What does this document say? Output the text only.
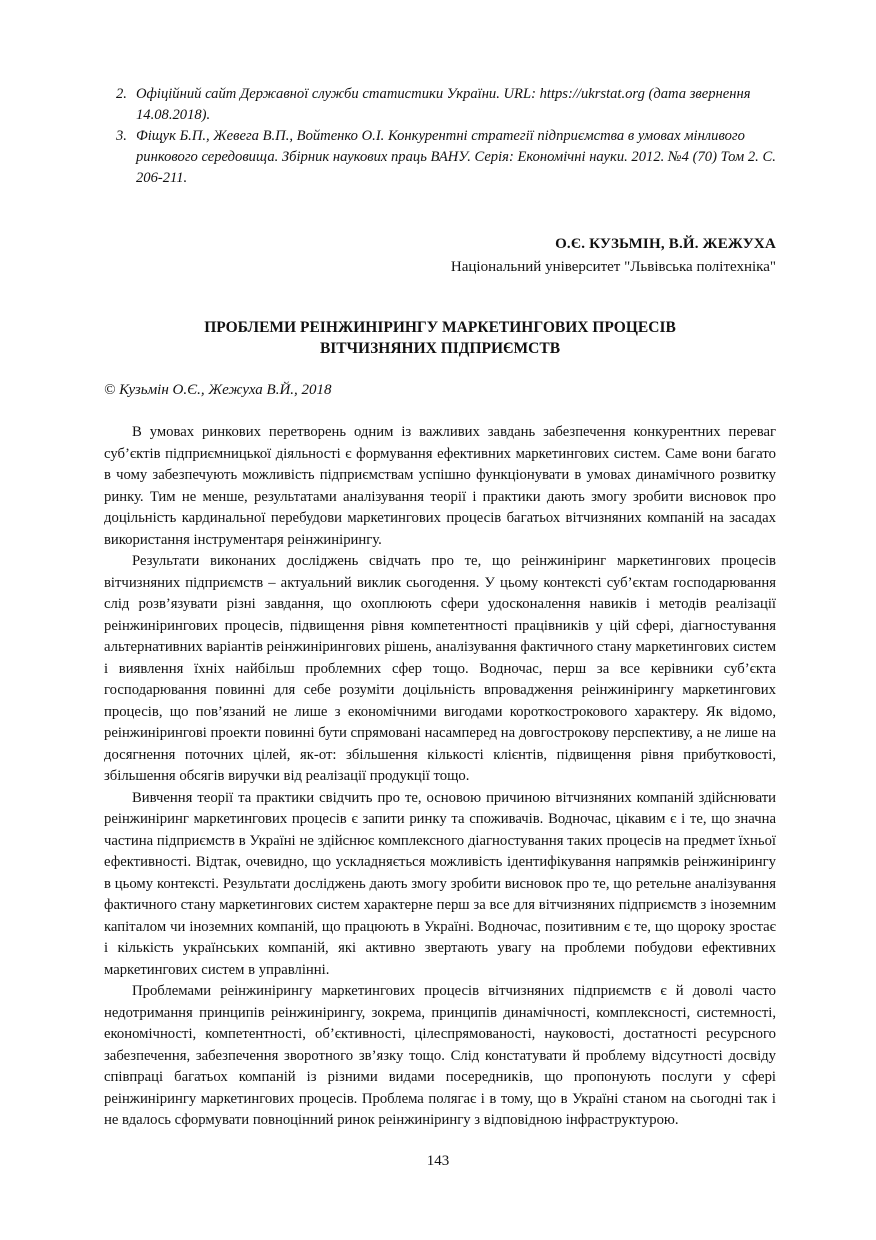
2. Офіційний сайт Державної служби статистики України. URL: https://ukrstat.org (дата звернення 14.08.2018).
3. Фіщук Б.П., Жевега В.П., Войтенко О.І. Конкурентні стратегії підприємства в умовах мінливого ринкового середовища. Збірник наукових праць ВАНУ. Серія: Економічні науки. 2012. №4 (70) Том 2. С. 206-211.
О.Є. КУЗЬМІН, В.Й. ЖЕЖУХА
Національний університет "Львівська політехніка"
ПРОБЛЕМИ РЕІНЖИНІРИНГУ МАРКЕТИНГОВИХ ПРОЦЕСІВ
ВІТЧИЗНЯНИХ ПІДПРИЄМСТВ
© Кузьмін О.Є., Жежуха В.Й., 2018

В умовах ринкових перетворень одним із важливих завдань забезпечення конкурентних переваг суб’єктів підприємницької діяльності є формування ефективних маркетингових систем. Саме вони багато в чому забезпечують можливість підприємствам успішно функціонувати в умовах динамічного розвитку ринку. Тим не менше, результатами аналізування теорії і практики дають змогу зробити висновок про доцільність кардинальної перебудови маркетингових процесів багатьох вітчизняних компаній на засадах використання інструментаря реінжинірингу.

Результати виконаних досліджень свідчать про те, що реінжиніринг маркетингових процесів вітчизняних підприємств – актуальний виклик сьогодення. У цьому контексті суб’єктам господарювання слід розв’язувати різні завдання, що охоплюють сфери удосконалення навиків і методів реалізації реінжинірингових процесів, підвищення рівня компетентності працівників у цій сфері, діагностування альтернативних варіантів реінжинірингових рішень, аналізування фактичного стану маркетингових систем і виявлення їхніх найбільш проблемних сфер тощо. Водночас, перш за все керівники суб’єкта господарювання повинні для себе розуміти доцільність впровадження реінжинірингу маркетингових процесів, що пов’язаний не лише з економічними вигодами короткострокового характеру. Як відомо, реінжинірингові проекти повинні бути спрямовані насамперед на довгострокову перспективу, а не лише на досягнення поточних цілей, як-от: збільшення кількості клієнтів, підвищення рівня прибутковості, збільшення обсягів виручки від реалізації продукції тощо.

Вивчення теорії та практики свідчить про те, основою причиною вітчизняних компаній здійснювати реінжиніринг маркетингових процесів є запити ринку та споживачів. Водночас, цікавим є і те, що значна частина підприємств в Україні не здійснює комплексного діагностування таких процесів на предмет їхньої ефективності. Відтак, очевидно, що ускладняється можливість ідентифікування напрямків реінжинірингу в цьому контексті. Результати досліджень дають змогу зробити висновок про те, що ретельне аналізування фактичного стану маркетингових систем характерне перш за все для вітчизняних підприємств з іноземним капіталом чи іноземних компаній, що працюють в Україні. Водночас, позитивним є те, що щороку зростає і кількість українських компаній, які активно звертають увагу на проблеми побудови ефективних маркетингових систем в управлінні.

Проблемами реінжинірингу маркетингових процесів вітчизняних підприємств є й доволі часто недотримання принципів реінжинірингу, зокрема, принципів динамічності, комплексності, системності, економічності, компетентності, об’єктивності, цілеспрямованості, науковості, достатності ресурсного забезпечення, забезпечення зворотного зв’язку тощо. Слід констатувати й проблему відсутності досвіду співпраці багатьох компаній із різними видами посередників, що пропонують послуги у сфері реінжинірингу маркетингових процесів. Проблема полягає і в тому, що в Україні станом на сьогодні так і не вдалось сформувати повноцінний ринок реінжинірингу з відповідною інфраструктурою.

143
